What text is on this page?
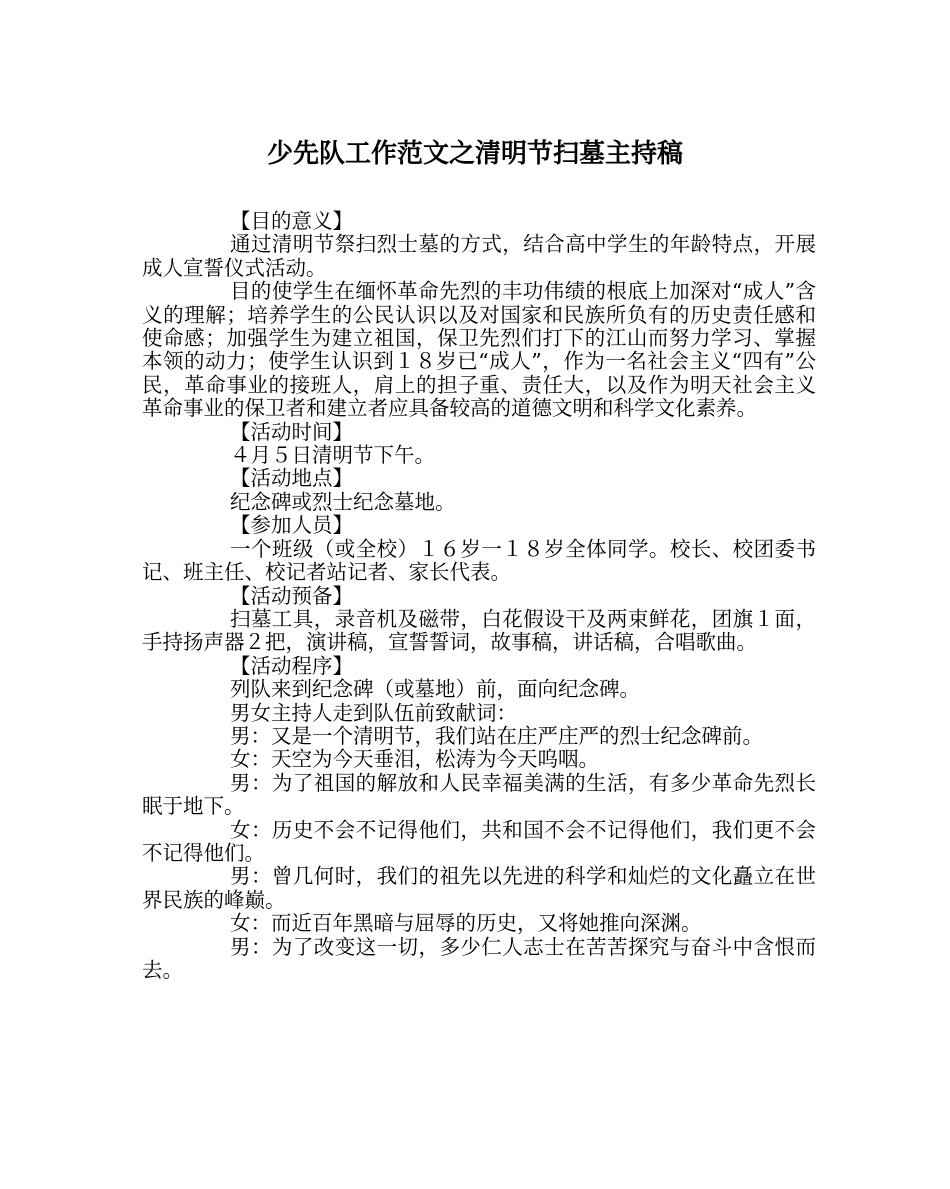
少先队工作范文之清明节扫墓主持稿

【目的意义】

通过清明节祭扫烈士墓的方式，结合高中学生的年龄特点，开展成人宣誓仪式活动。

目的使学生在缅怀革命先烈的丰功伟绩的根底上加深对“成人”含义的理解；培养学生的公民认识以及对国家和民族所负有的历史责任感和使命感；加强学生为建立祖国，保卫先烈们打下的江山而努力学习、掌握本领的动力；使学生认识到１８岁已“成人”，作为一名社会主义“四有”公民，革命事业的接班人，肩上的担子重、责任大，以及作为明天社会主义革命事业的保卫者和建立者应具备较高的道德文明和科学文化素养。

【活动时间】

４月５日清明节下午。

【活动地点】

纪念碑或烈士纪念墓地。

【参加人员】

一个班级（或全校）１６岁一１８岁全体同学。校长、校团委书记、班主任、校记者站记者、家长代表。

【活动预备】

扫墓工具，录音机及磁带，白花假设干及两束鲜花，团旗１面，手持扬声器２把，演讲稿，宣誓誓词，故事稿，讲话稿，合唱歌曲。

【活动程序】

列队来到纪念碑（或墓地）前，面向纪念碑。

男女主持人走到队伍前致献词：

男：又是一个清明节，我们站在庄严庄严的烈士纪念碑前。

女：天空为今天垂泪，松涛为今天呜咽。

男：为了祖国的解放和人民幸福美满的生活，有多少革命先烈长眠于地下。

女：历史不会不记得他们，共和国不会不记得他们，我们更不会不记得他们。

男：曾几何时，我们的祖先以先进的科学和灿烂的文化矗立在世界民族的峰巅。

女：而近百年黑暗与屈辱的历史，又将她推向深渊。

男：为了改变这一切，多少仁人志士在苦苦探究与奋斗中含恨而去。
